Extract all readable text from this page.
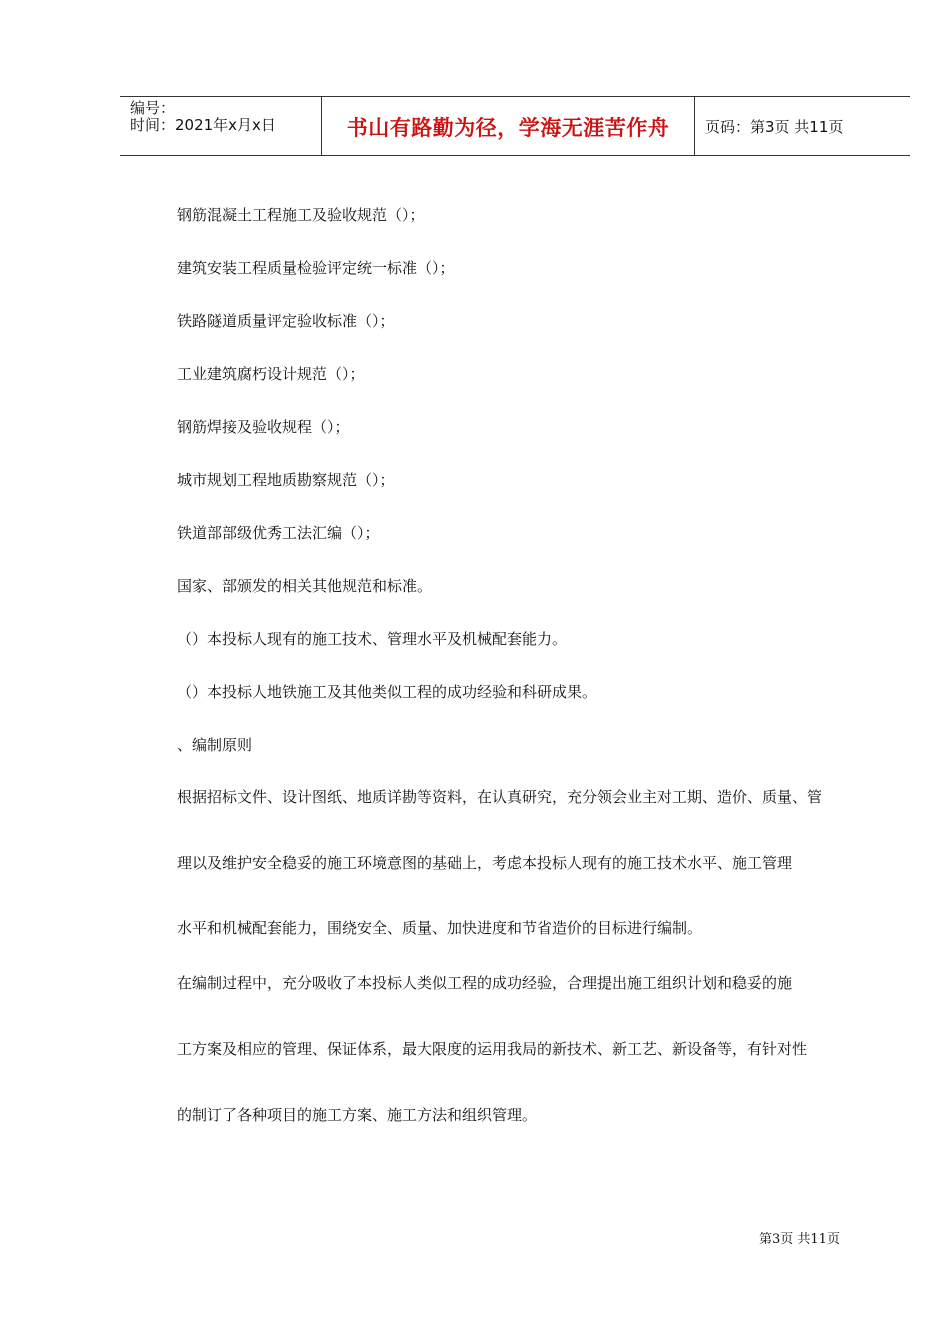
编号：
时间：2021年x月x日	书山有路勤为径，学海无涯苦作舟	页码：第3页 共11页
钢筋混凝土工程施工及验收规范（）；
建筑安装工程质量检验评定统一标准（）；
铁路隧道质量评定验收标准（）；
工业建筑腐朽设计规范（）；
钢筋焊接及验收规程（）；
城市规划工程地质勘察规范（）；
铁道部部级优秀工法汇编（）；
国家、部颁发的相关其他规范和标准。
（）本投标人现有的施工技术、管理水平及机械配套能力。
（）本投标人地铁施工及其他类似工程的成功经验和科研成果。
、编制原则
根据招标文件、设计图纸、地质详勘等资料，在认真研究，充分领会业主对工期、造价、质量、管
理以及维护安全稳妥的施工环境意图的基础上，考虑本投标人现有的施工技术水平、施工管理
水平和机械配套能力，围绕安全、质量、加快进度和节省造价的目标进行编制。
在编制过程中，充分吸收了本投标人类似工程的成功经验，合理提出施工组织计划和稳妥的施
工方案及相应的管理、保证体系，最大限度的运用我局的新技术、新工艺、新设备等，有针对性
的制订了各种项目的施工方案、施工方法和组织管理。
第3页 共11页
